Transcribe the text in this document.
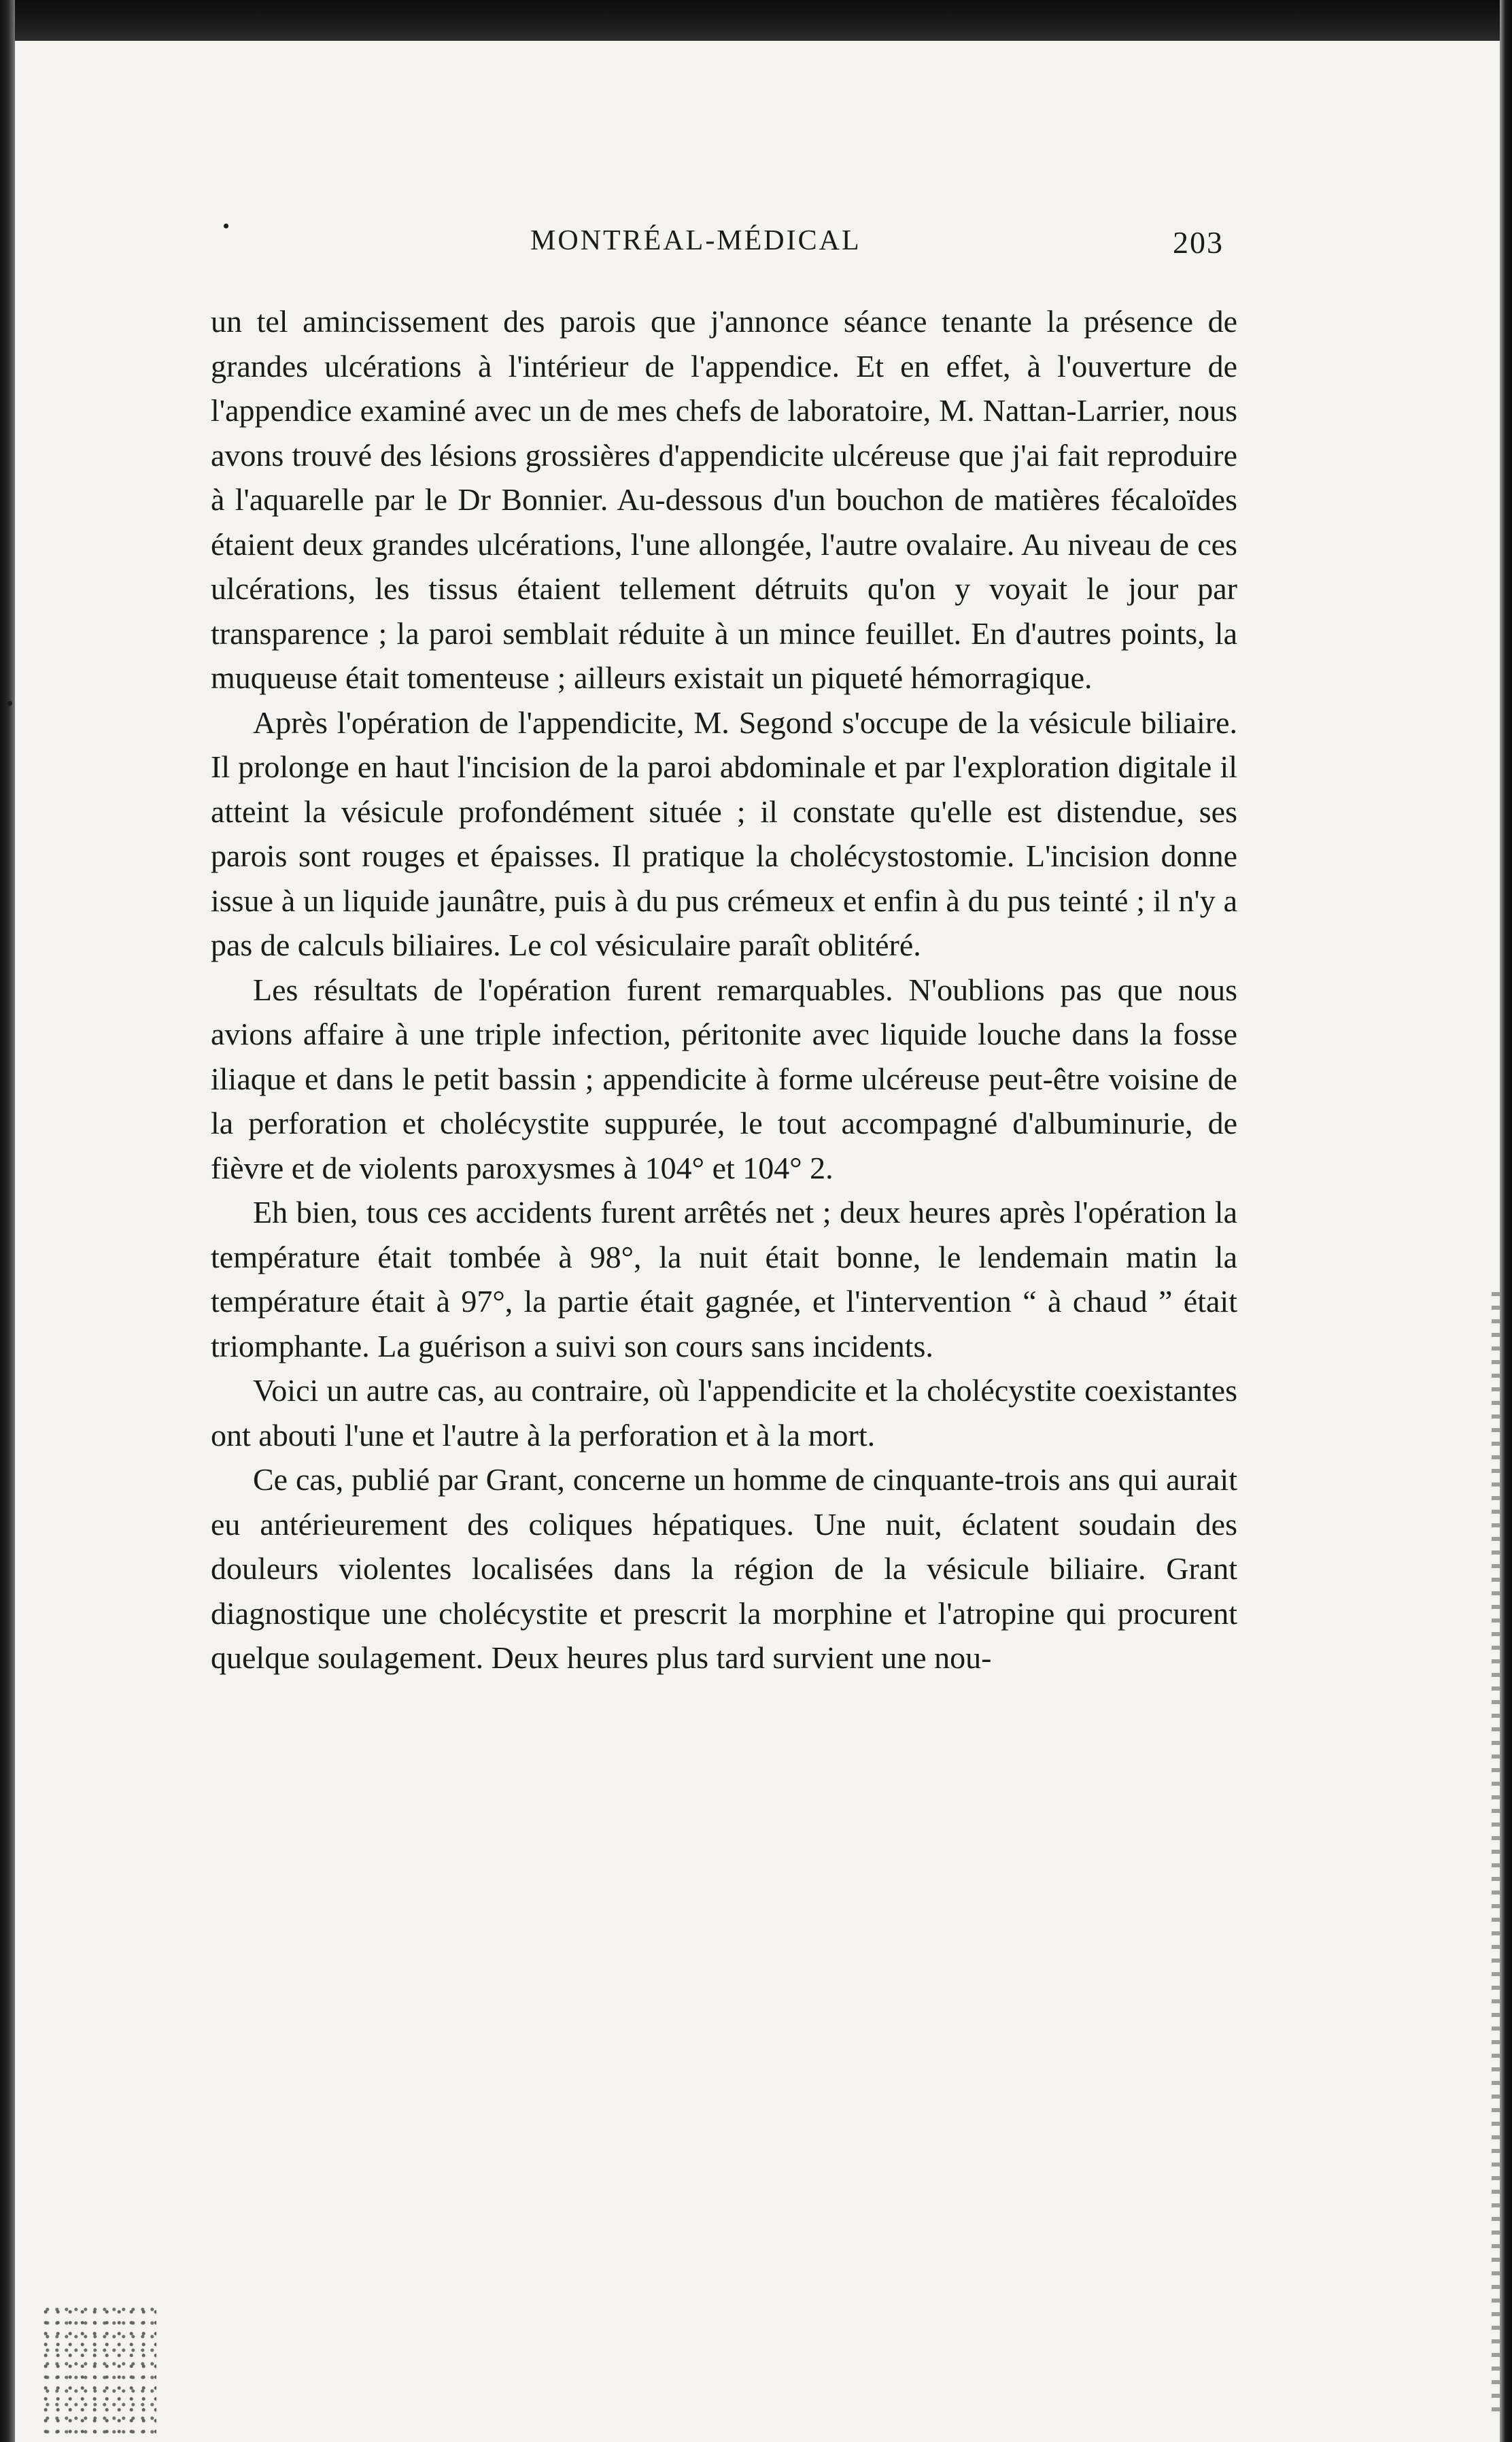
•
•
MONTRÉAL-MÉDICAL	203

un tel amincissement des parois que j'annonce séance tenante la présence de grandes ulcérations à l'intérieur de l'appendice. Et en effet, à l'ouverture de l'appendice examiné avec un de mes chefs de laboratoire, M. Nattan-Larrier, nous avons trouvé des lésions grossières d'appendicite ulcéreuse que j'ai fait reproduire à l'aquarelle par le Dr Bonnier. Au-dessous d'un bouchon de matières fécaloïdes étaient deux grandes ulcérations, l'une allongée, l'autre ovalaire. Au niveau de ces ulcérations, les tissus étaient tellement détruits qu'on y voyait le jour par transparence ; la paroi semblait réduite à un mince feuillet. En d'autres points, la muqueuse était tomenteuse ; ailleurs existait un piqueté hémorragique.

Après l'opération de l'appendicite, M. Segond s'occupe de la vésicule biliaire. Il prolonge en haut l'incision de la paroi abdominale et par l'exploration digitale il atteint la vésicule profondément située ; il constate qu'elle est distendue, ses parois sont rouges et épaisses. Il pratique la cholécystostomie. L'incision donne issue à un liquide jaunâtre, puis à du pus crémeux et enfin à du pus teinté ; il n'y a pas de calculs biliaires. Le col vésiculaire paraît oblitéré.

Les résultats de l'opération furent remarquables. N'oublions pas que nous avions affaire à une triple infection, péritonite avec liquide louche dans la fosse iliaque et dans le petit bassin ; appendicite à forme ulcéreuse peut-être voisine de la perforation et cholécystite suppurée, le tout accompagné d'albuminurie, de fièvre et de violents paroxysmes à 104° et 104° 2.

Eh bien, tous ces accidents furent arrêtés net ; deux heures après l'opération la température était tombée à 98°, la nuit était bonne, le lendemain matin la température était à 97°, la partie était gagnée, et l'intervention “ à chaud ” était triomphante. La guérison a suivi son cours sans incidents.

Voici un autre cas, au contraire, où l'appendicite et la cholécystite coexistantes ont abouti l'une et l'autre à la perforation et à la mort.

Ce cas, publié par Grant, concerne un homme de cinquante-trois ans qui aurait eu antérieurement des coliques hépatiques. Une nuit, éclatent soudain des douleurs violentes localisées dans la région de la vésicule biliaire. Grant diagnostique une cholécystite et prescrit la morphine et l'atropine qui procurent quelque soulagement. Deux heures plus tard survient une nou-
